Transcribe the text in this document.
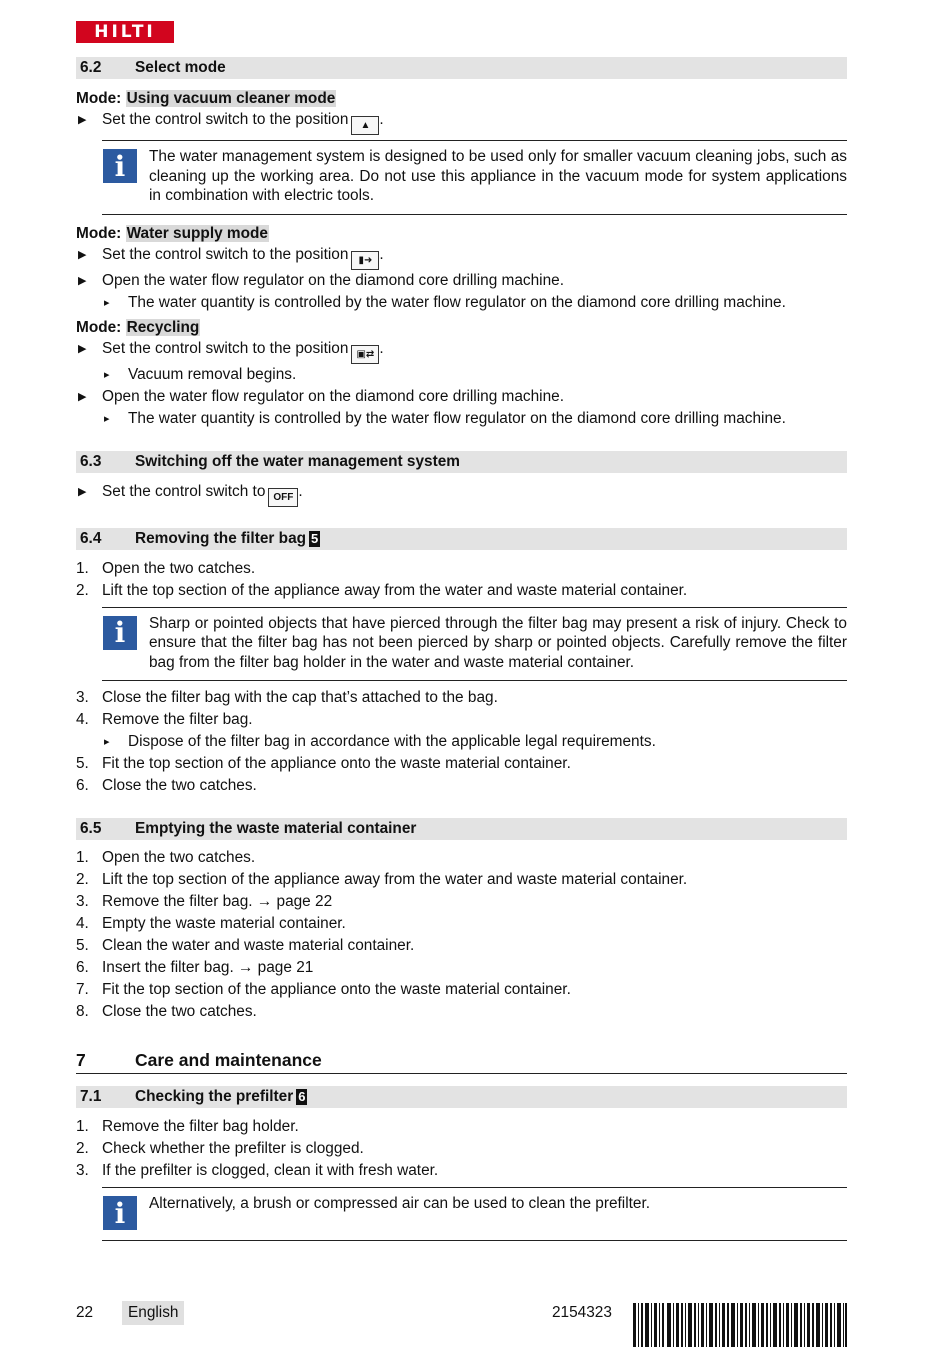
HILTI
6.2	Select mode
Mode: Using vacuum cleaner mode
▶	Set the control switch to the position ▲ .
i	The water management system is designed to be used only for smaller vacuum cleaning jobs, such as cleaning up the working area. Do not use this appliance in the vacuum mode for system applications in combination with electric tools.
Mode: Water supply mode
▶	Set the control switch to the position ▮➜ .
▶	Open the water flow regulator on the diamond core drilling machine.
▸	The water quantity is controlled by the water flow regulator on the diamond core drilling machine.
Mode: Recycling
▶	Set the control switch to the position ▣⇄ .
▸	Vacuum removal begins.
▶	Open the water flow regulator on the diamond core drilling machine.
▸	The water quantity is controlled by the water flow regulator on the diamond core drilling machine.
6.3	Switching off the water management system
▶	Set the control switch to OFF .
6.4	Removing the filter bag 5
1. Open the two catches.
2. Lift the top section of the appliance away from the water and waste material container.
i	Sharp or pointed objects that have pierced through the filter bag may present a risk of injury. Check to ensure that the filter bag has not been pierced by sharp or pointed objects. Carefully remove the filter bag from the filter bag holder in the water and waste material container.
3. Close the filter bag with the cap that’s attached to the bag.
4. Remove the filter bag.
▸	Dispose of the filter bag in accordance with the applicable legal requirements.
5. Fit the top section of the appliance onto the waste material container.
6. Close the two catches.
6.5	Emptying the waste material container
1. Open the two catches.
2. Lift the top section of the appliance away from the water and waste material container.
3. Remove the filter bag. → page 22
4. Empty the waste material container.
5. Clean the water and waste material container.
6. Insert the filter bag. → page 21
7. Fit the top section of the appliance onto the waste material container.
8. Close the two catches.
7	Care and maintenance
7.1	Checking the prefilter 6
1. Remove the filter bag holder.
2. Check whether the prefilter is clogged.
3. If the prefilter is clogged, clean it with fresh water.
i	Alternatively, a brush or compressed air can be used to clean the prefilter.
22	English	2154323
